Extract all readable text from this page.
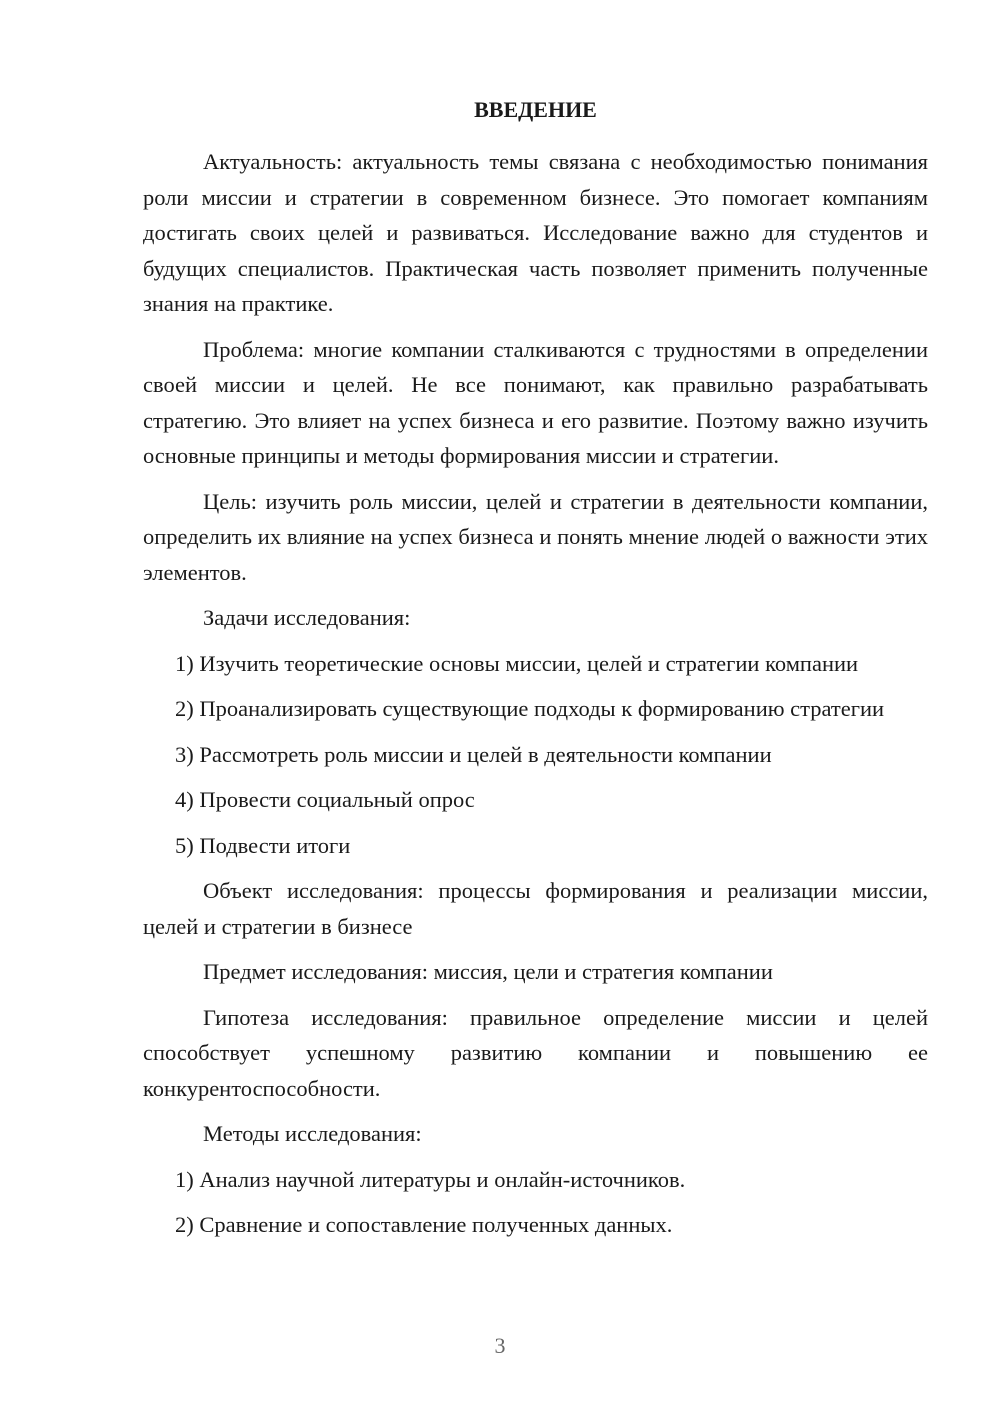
ВВЕДЕНИЕ

Актуальность: актуальность темы связана с необходимостью понимания роли миссии и стратегии в современном бизнесе. Это помогает компаниям достигать своих целей и развиваться. Исследование важно для студентов и будущих специалистов. Практическая часть позволяет применить полученные знания на практике.

Проблема: многие компании сталкиваются с трудностями в определении своей миссии и целей. Не все понимают, как правильно разрабатывать стратегию. Это влияет на успех бизнеса и его развитие. Поэтому важно изучить основные принципы и методы формирования миссии и стратегии.

Цель: изучить роль миссии, целей и стратегии в деятельности компании, определить их влияние на успех бизнеса и понять мнение людей о важности этих элементов.

Задачи исследования:

1) Изучить теоретические основы миссии, целей и стратегии компании

2) Проанализировать существующие подходы к формированию стратегии

3) Рассмотреть роль миссии и целей в деятельности компании

4) Провести социальный опрос

5) Подвести итоги

Объект исследования: процессы формирования и реализации миссии, целей и стратегии в бизнесе

Предмет исследования: миссия, цели и стратегия компании

Гипотеза исследования: правильное определение миссии и целей способствует успешному развитию компании и повышению ее конкурентоспособности.

Методы исследования:

1) Анализ научной литературы и онлайн-источников.

2) Сравнение и сопоставление полученных данных.

3
